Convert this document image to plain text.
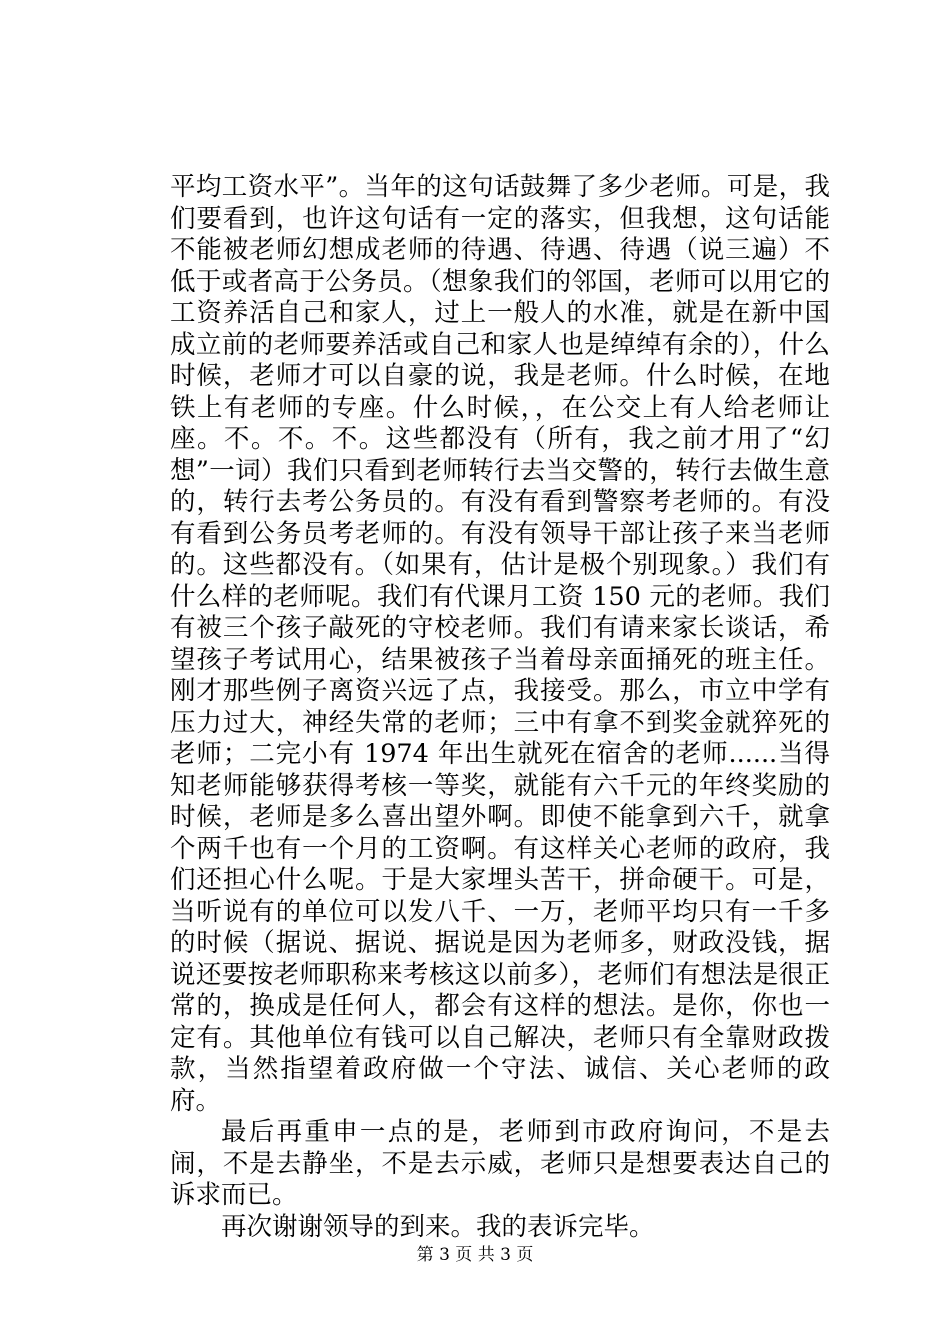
平均工资水平”。当年的这句话鼓舞了多少老师。可是，我们要看到，也许这句话有一定的落实，但我想，这句话能不能被老师幻想成老师的待遇、待遇、待遇（说三遍）不低于或者高于公务员。（想象我们的邻国，老师可以用它的工资养活自己和家人，过上一般人的水准，就是在新中国成立前的老师要养活或自己和家人也是绰绰有余的），什么时候，老师才可以自豪的说，我是老师。什么时候，在地铁上有老师的专座。什么时候，，在公交上有人给老师让座。不。不。不。这些都没有（所有，我之前才用了“幻想”一词）我们只看到老师转行去当交警的，转行去做生意的，转行去考公务员的。有没有看到警察考老师的。有没有看到公务员考老师的。有没有领导干部让孩子来当老师的。这些都没有。（如果有，估计是极个别现象。）我们有什么样的老师呢。我们有代课月工资 150 元的老师。我们有被三个孩子敲死的守校老师。我们有请来家长谈话，希望孩子考试用心，结果被孩子当着母亲面捅死的班主任。刚才那些例子离资兴远了点，我接受。那么，市立中学有压力过大，神经失常的老师；三中有拿不到奖金就猝死的老师；二完小有 1974 年出生就死在宿舍的老师......当得知老师能够获得考核一等奖，就能有六千元的年终奖励的时候，老师是多么喜出望外啊。即使不能拿到六千，就拿个两千也有一个月的工资啊。有这样关心老师的政府，我们还担心什么呢。于是大家埋头苦干，拼命硬干。可是，当听说有的单位可以发八千、一万，老师平均只有一千多的时候（据说、据说、据说是因为老师多，财政没钱，据说还要按老师职称来考核这以前多），老师们有想法是很正常的，换成是任何人，都会有这样的想法。是你，你也一定有。其他单位有钱可以自己解决，老师只有全靠财政拨款，当然指望着政府做一个守法、诚信、关心老师的政府。

最后再重申一点的是，老师到市政府询问，不是去闹，不是去静坐，不是去示威，老师只是想要表达自己的诉求而已。

再次谢谢领导的到来。我的表诉完毕。

第 3 页 共 3 页
